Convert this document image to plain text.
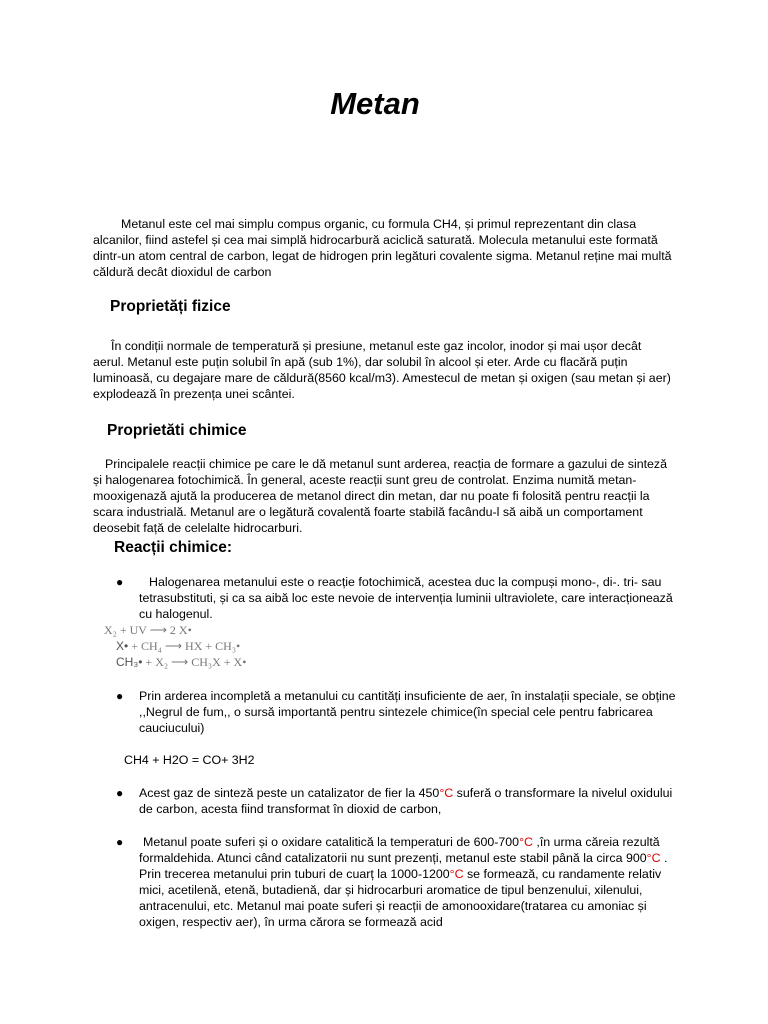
Metan

Metanul este cel mai simplu compus organic, cu formula CH4, și primul reprezentant din clasa alcanilor, fiind astefel și cea mai simplă hidrocarbură aciclică saturată. Molecula metanului este formată dintr-un atom central de carbon, legat de hidrogen prin legături covalente sigma. Metanul reține mai multă căldură decât dioxidul de carbon

Proprietăți fizice

În condiții normale de temperatură și presiune, metanul este gaz incolor, inodor și mai ușor decât aerul. Metanul este puțin solubil în apă (sub 1%), dar solubil în alcool și eter. Arde cu flacără puțin luminoasă, cu degajare mare de căldură(8560 kcal/m3). Amestecul de metan și oxigen (sau metan și aer) explodează în prezența unei scântei.

Proprietăti chimice

Principalele reacții chimice pe care le dă metanul sunt arderea, reacția de formare a gazului de sinteză și halogenarea fotochimică. În general, aceste reacții sunt greu de controlat. Enzima numită metan-mooxigenază ajută la producerea de metanol direct din metan, dar nu poate fi folosită pentru reacții la scara industrială. Metanul are o legătură covalentă foarte stabilă facându-l să aibă un comportament deosebit față de celelalte hidrocarburi.

Reacții chimice:
●	Halogenarea metanului este o reacție fotochimică, acestea duc la compuși mono-, di-. tri- sau tetrasubstituti, și ca sa aibă loc este nevoie de intervenția luminii ultraviolete, care interacționează cu halogenul.

X₂ + UV ⟶ 2 X•
X• + CH₄ ⟶ HX + CH₃•
CH₃• + X₂ ⟶ CH₃X + X•
● Prin arderea incompletă a metanului cu cantități insuficiente de aer, în instalații speciale, se obține ,,Negrul de fum,, o sursă importantă pentru sintezele chimice(în special cele pentru fabricarea cauciucului)

CH4 + H2O = CO+ 3H2
● Acest gaz de sinteză peste un catalizator de fier la 450°C suferă o transformare la nivelul oxidului de carbon, acesta fiind transformat în dioxid de carbon,

●	Metanul poate suferi și o oxidare catalitică la temperaturi de 600-700°C ,în urma căreia rezultă formaldehida. Atunci când catalizatorii nu sunt prezenți, metanul este stabil până la circa 900°C . Prin trecerea metanului prin tuburi de cuarț la 1000-1200°C se formează, cu randamente relativ mici, acetilenă, etenă, butadienă, dar și hidrocarburi aromatice de tipul benzenului, xilenului, antracenului, etc. Metanul mai poate suferi și reacții de amonooxidare(tratarea cu amoniac și oxigen, respectiv aer), în urma cărora se formează acid
